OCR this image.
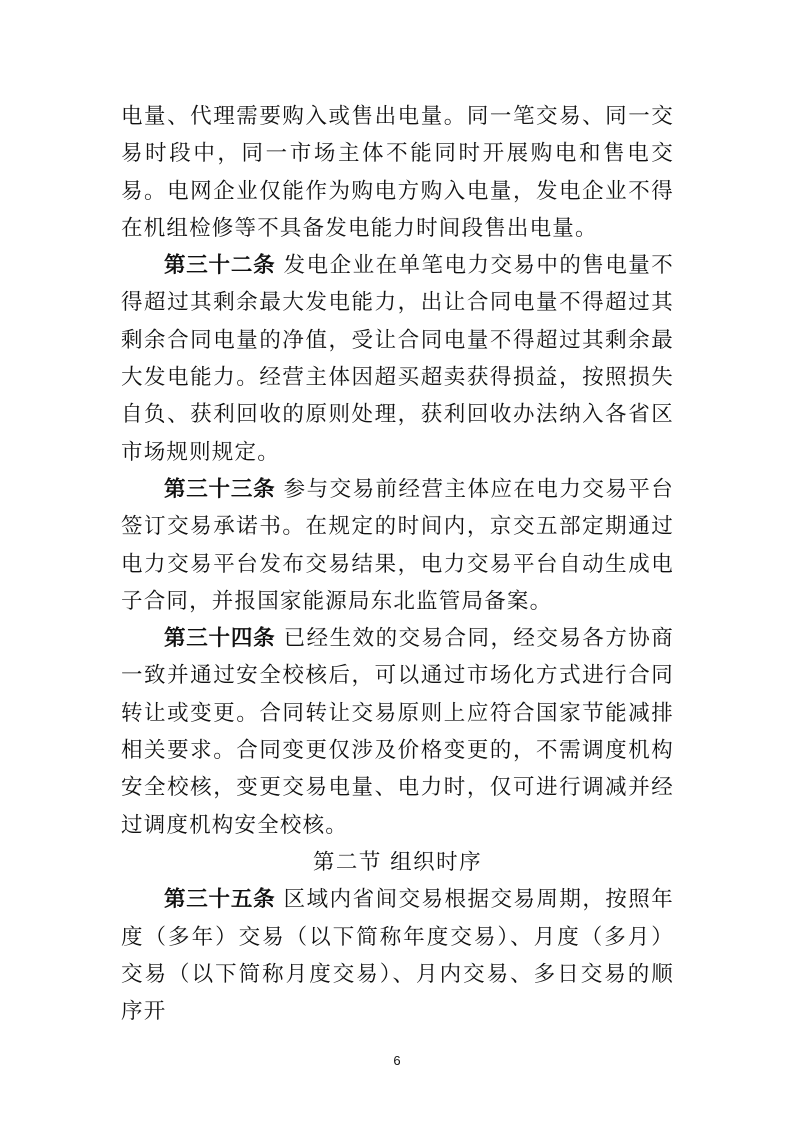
电量、代理需要购入或售出电量。同一笔交易、同一交易时段中，同一市场主体不能同时开展购电和售电交易。电网企业仅能作为购电方购入电量，发电企业不得在机组检修等不具备发电能力时间段售出电量。

第三十二条 发电企业在单笔电力交易中的售电量不得超过其剩余最大发电能力，出让合同电量不得超过其剩余合同电量的净值，受让合同电量不得超过其剩余最大发电能力。经营主体因超买超卖获得损益，按照损失自负、获利回收的原则处理，获利回收办法纳入各省区市场规则规定。

第三十三条 参与交易前经营主体应在电力交易平台签订交易承诺书。在规定的时间内，京交五部定期通过电力交易平台发布交易结果，电力交易平台自动生成电子合同，并报国家能源局东北监管局备案。

第三十四条 已经生效的交易合同，经交易各方协商一致并通过安全校核后，可以通过市场化方式进行合同转让或变更。合同转让交易原则上应符合国家节能减排相关要求。合同变更仅涉及价格变更的，不需调度机构安全校核，变更交易电量、电力时，仅可进行调减并经过调度机构安全校核。

第二节 组织时序

第三十五条 区域内省间交易根据交易周期，按照年度（多年）交易（以下简称年度交易）、月度（多月）交易（以下简称月度交易）、月内交易、多日交易的顺序开

6
